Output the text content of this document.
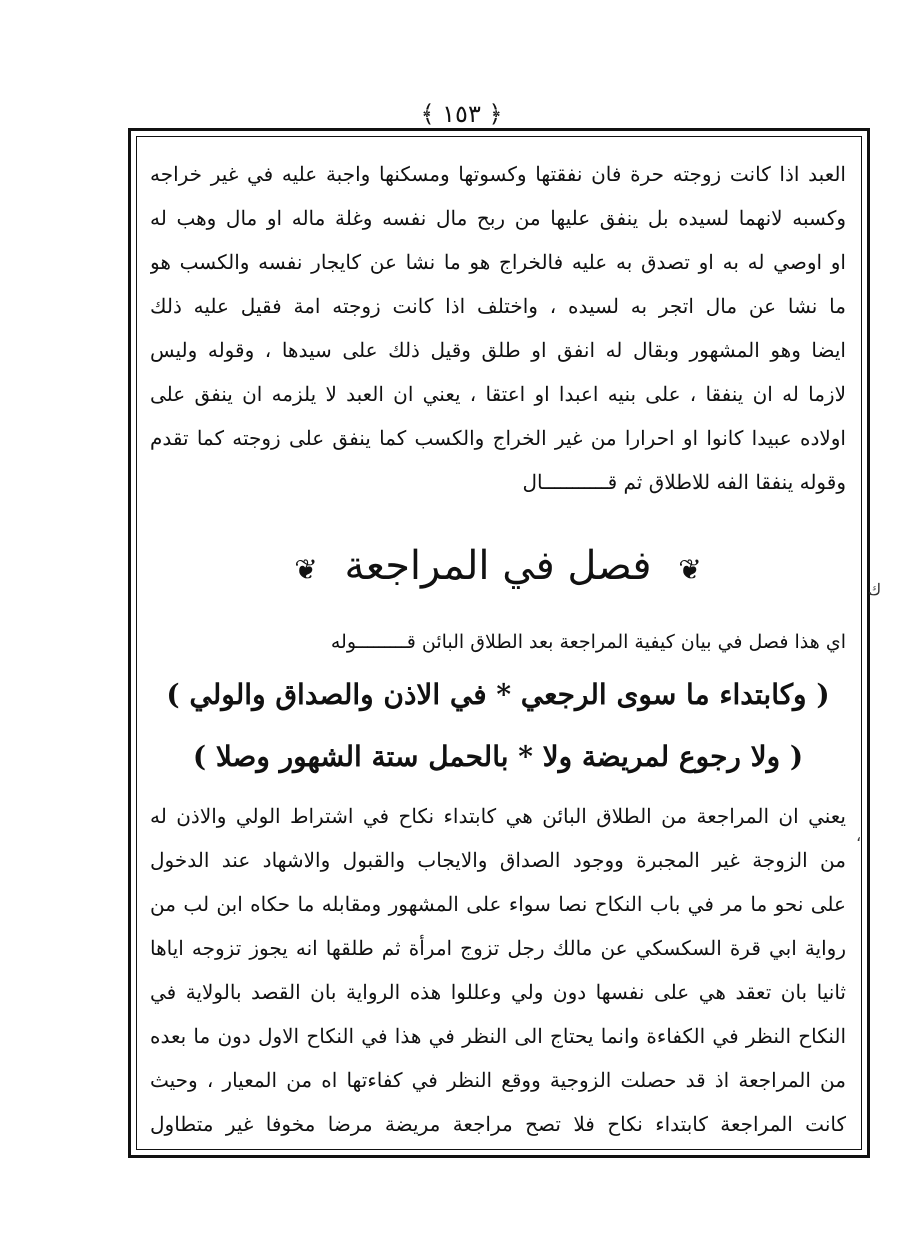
﴿ ١٥٣ ﴾
ﻙ
،
العبد اذا كانت زوجته حرة فان نفقتها وكسوتها ومسكنها واجبة عليه في غير خراجه
وكسبه لانهما لسيده بل ينفق عليها من ربح مال نفسه وغلة ماله او مال وهب له
او اوصي له به او تصدق به عليه فالخراج هو ما نشا عن كايجار نفسه والكسب هو
ما نشا عن مال اتجر به لسيده ، واختلف اذا كانت زوجته امة فقيل عليه ذلك
ايضا وهو المشهور وبقال له انفق او طلق وقيل ذلك على سيدها ، وقوله وليس
لازما له ان ينفقا ، على بنيه اعبدا او اعتقا ، يعني ان العبد لا يلزمه ان ينفق على
اولاده عبيدا كانوا او احرارا من غير الخراج والكسب كما ينفق على زوجته كما تقدم
وقوله ينفقا الفه للاطلاق ثم قـــــــــــال
❦ فصل في المراجعة ❦
اي هذا فصل في بيان كيفية المراجعة بعد الطلاق البائن قـــــــــوله
( وكابتداء ما سوى الرجعي * في الاذن والصداق والولي )
( ولا رجوع لمريضة ولا * بالحمل ستة الشهور وصلا )
يعني ان المراجعة من الطلاق البائن هي كابتداء نكاح في اشتراط الولي والاذن له
من الزوجة غير المجبرة ووجود الصداق والايجاب والقبول والاشهاد عند الدخول
على نحو ما مر في باب النكاح نصا سواء على المشهور ومقابله ما حكاه ابن لب من
رواية ابي قرة السكسكي عن مالك رجل تزوج امرأة ثم طلقها انه يجوز تزوجه اياها
ثانيا بان تعقد هي على نفسها دون ولي وعللوا هذه الرواية بان القصد بالولاية في
النكاح النظر في الكفاءة وانما يحتاج الى النظر في هذا في النكاح الاول دون ما بعده
من المراجعة اذ قد حصلت الزوجية ووقع النظر في كفاءتها اه من المعيار ، وحيث
كانت المراجعة كابتداء نكاح فلا تصح مراجعة مريضة مرضا مخوفا غير متطاول
